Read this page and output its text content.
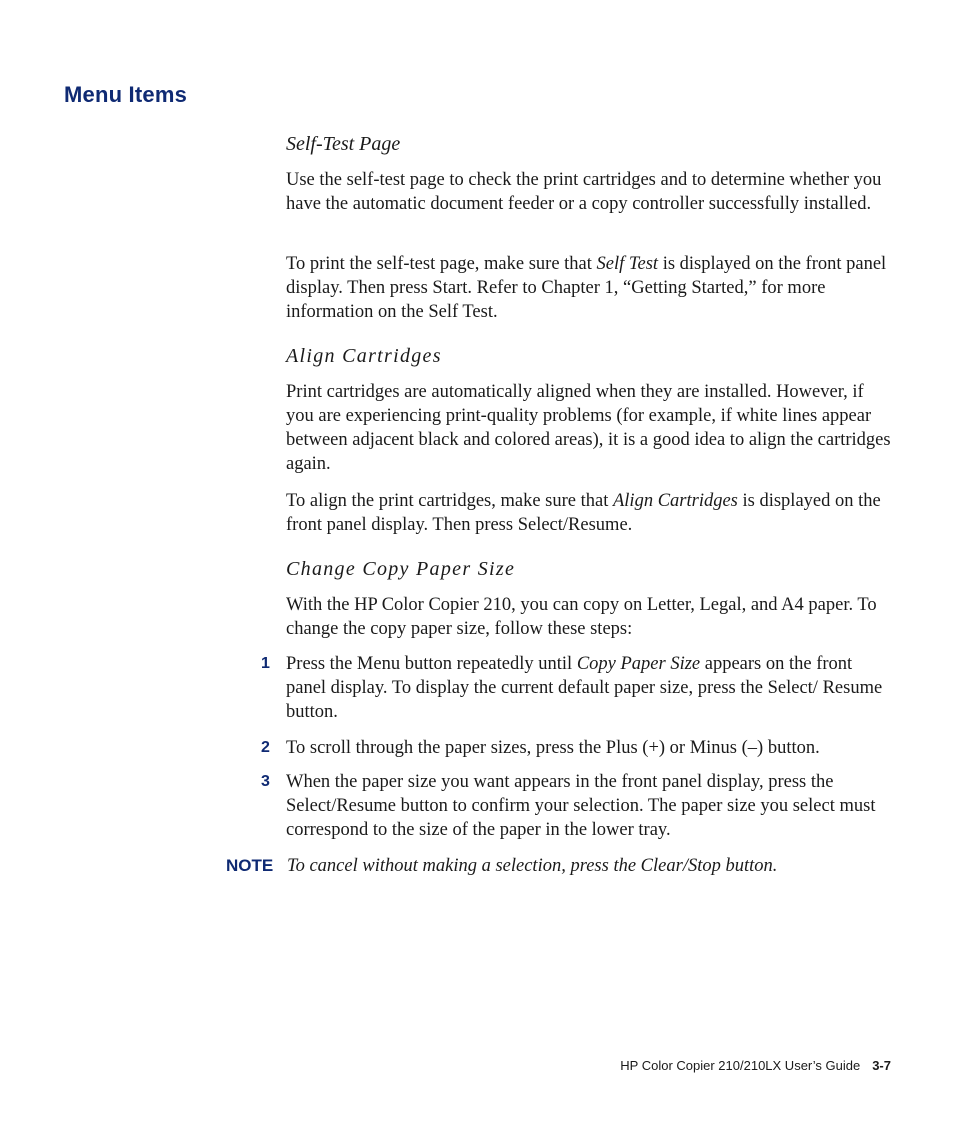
Menu Items
Self-Test Page
Use the self-test page to check the print cartridges and to determine whether you have the automatic document feeder or a copy controller successfully installed.
To print the self-test page, make sure that Self Test is displayed on the front panel display. Then press Start. Refer to Chapter 1, “Getting Started,” for more information on the Self Test.
Align Cartridges
Print cartridges are automatically aligned when they are installed. However, if you are experiencing print-quality problems (for example, if white lines appear between adjacent black and colored areas), it is a good idea to align the cartridges again.
To align the print cartridges, make sure that Align Cartridges is displayed on the front panel display. Then press Select/Resume.
Change Copy Paper Size
With the HP Color Copier 210, you can copy on Letter, Legal, and A4 paper. To change the copy paper size, follow these steps:
1 Press the Menu button repeatedly until Copy Paper Size appears on the front panel display. To display the current default paper size, press the Select/ Resume button.
2 To scroll through the paper sizes, press the Plus (+) or Minus (–) button.
3 When the paper size you want appears in the front panel display, press the Select/Resume button to confirm your selection. The paper size you select must correspond to the size of the paper in the lower tray.
NOTE To cancel without making a selection, press the Clear/Stop button.
HP Color Copier 210/210LX User’s Guide 3-7
